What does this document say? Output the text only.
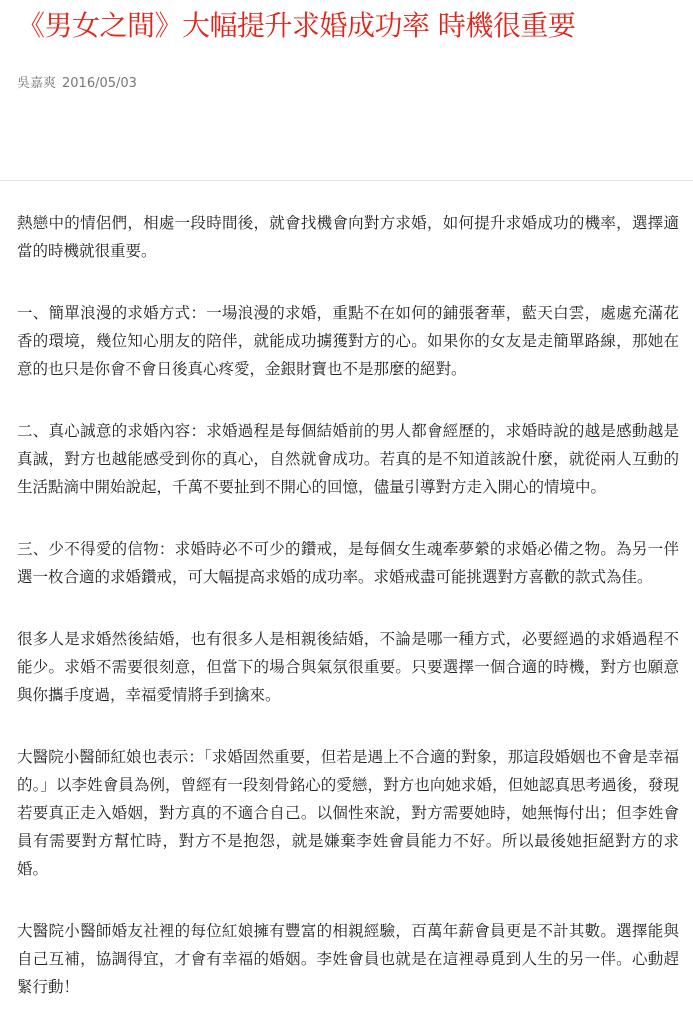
《男女之間》大幅提升求婚成功率 時機很重要
吳嘉爽 2016/05/03

熱戀中的情侶們，相處一段時間後，就會找機會向對方求婚，如何提升求婚成功的機率，選擇適當的時機就很重要。

一、簡單浪漫的求婚方式：一場浪漫的求婚，重點不在如何的鋪張奢華，藍天白雲，處處充滿花香的環境，幾位知心朋友的陪伴，就能成功擄獲對方的心。如果你的女友是走簡單路線，那她在意的也只是你會不會日後真心疼愛，金銀財寶也不是那麼的絕對。

二、真心誠意的求婚內容：求婚過程是每個結婚前的男人都會經歷的，求婚時說的越是感動越是真誠，對方也越能感受到你的真心，自然就會成功。若真的是不知道該說什麼，就從兩人互動的生活點滴中開始說起，千萬不要扯到不開心的回憶，儘量引導對方走入開心的情境中。

三、少不得愛的信物：求婚時必不可少的鑽戒，是每個女生魂牽夢縈的求婚必備之物。為另一伴選一枚合適的求婚鑽戒，可大幅提高求婚的成功率。求婚戒盡可能挑選對方喜歡的款式為佳。

很多人是求婚然後結婚，也有很多人是相親後結婚，不論是哪一種方式，必要經過的求婚過程不能少。求婚不需要很刻意，但當下的場合與氣氛很重要。只要選擇一個合適的時機，對方也願意與你攜手度過，幸福愛情將手到擒來。

大醫院小醫師紅娘也表示：「求婚固然重要，但若是遇上不合適的對象，那這段婚姻也不會是幸福的。」以李姓會員為例，曾經有一段刻骨銘心的愛戀，對方也向她求婚，但她認真思考過後，發現若要真正走入婚姻，對方真的不適合自己。以個性來說，對方需要她時，她無悔付出；但李姓會員有需要對方幫忙時，對方不是抱怨，就是嫌棄李姓會員能力不好。所以最後她拒絕對方的求婚。

大醫院小醫師婚友社裡的每位紅娘擁有豐富的相親經驗，百萬年薪會員更是不計其數。選擇能與自己互補，協調得宜，才會有幸福的婚姻。李姓會員也就是在這裡尋覓到人生的另一伴。心動趕緊行動！
